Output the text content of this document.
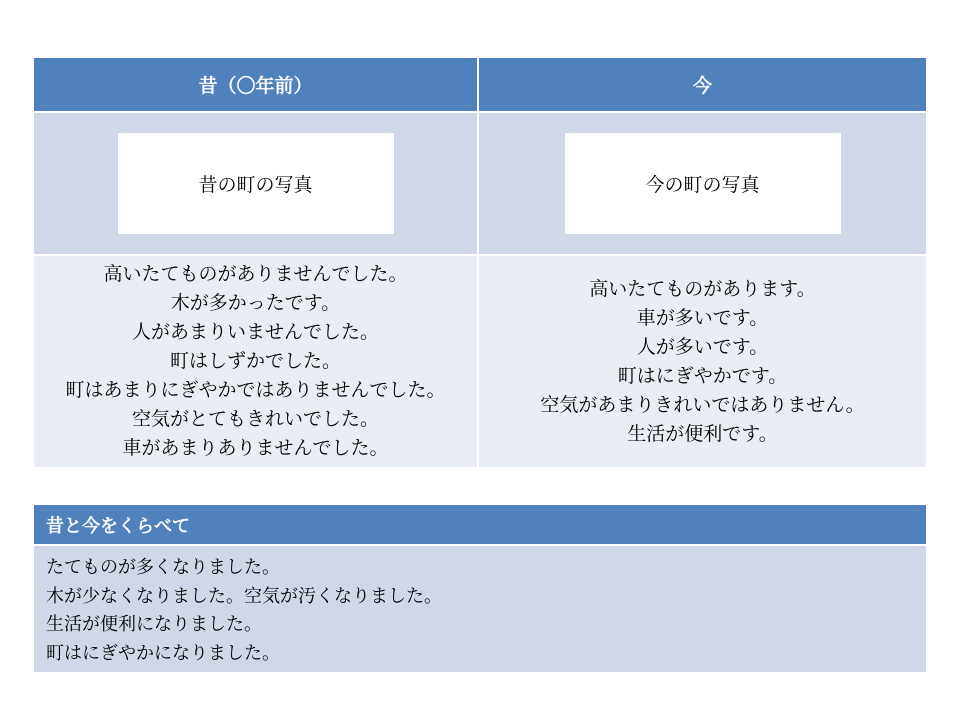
昔（〇年前）	今
昔の町の写真	今の町の写真
高いたてものがありませんでした。
木が多かったです。
人があまりいませんでした。
町はしずかでした。
町はあまりにぎやかではありませんでした。
空気がとてもきれいでした。
車があまりありませんでした。
高いたてものがあります。
車が多いです。
人が多いです。
町はにぎやかです。
空気があまりきれいではありません。
生活が便利です。
昔と今をくらべて
たてものが多くなりました。
木が少なくなりました。空気が汚くなりました。
生活が便利になりました。
町はにぎやかになりました。
